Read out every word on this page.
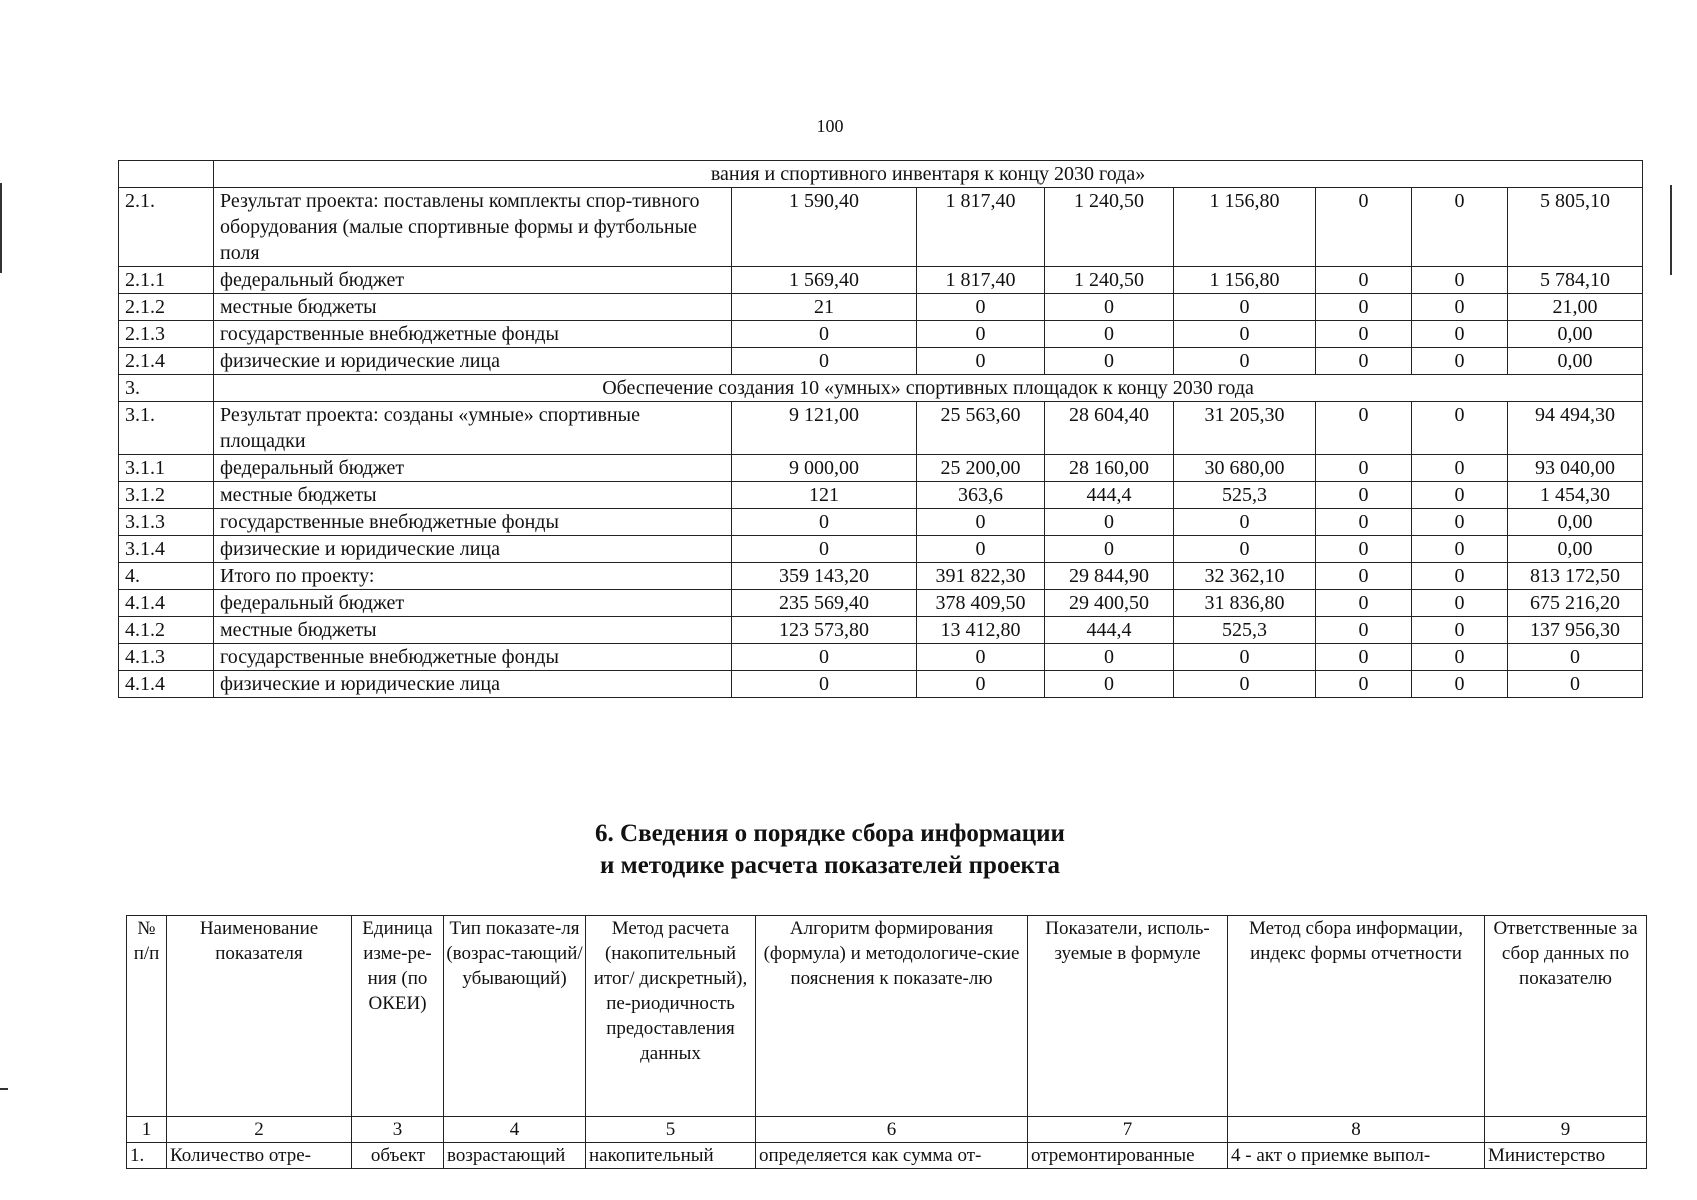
100
	вания и спортивного инвентаря к концу 2030 года»							
2.1.	Результат проекта: поставлены комплекты спор-тивного оборудования (малые спортивные формы и футбольные поля	1 590,40	1 817,40	1 240,50	1 156,80	0	0	5 805,10
2.1.1	федеральный бюджет	1 569,40	1 817,40	1 240,50	1 156,80	0	0	5 784,10
2.1.2	местные бюджеты	21	0	0	0	0	0	21,00
2.1.3	государственные внебюджетные фонды	0	0	0	0	0	0	0,00
2.1.4	физические и юридические лица	0	0	0	0	0	0	0,00
3.	Обеспечение создания 10 «умных» спортивных площадок к концу 2030 года							
3.1.	Результат проекта: созданы «умные» спортивные площадки	9 121,00	25 563,60	28 604,40	31 205,30	0	0	94 494,30
3.1.1	федеральный бюджет	9 000,00	25 200,00	28 160,00	30 680,00	0	0	93 040,00
3.1.2	местные бюджеты	121	363,6	444,4	525,3	0	0	1 454,30
3.1.3	государственные внебюджетные фонды	0	0	0	0	0	0	0,00
3.1.4	физические и юридические лица	0	0	0	0	0	0	0,00
4.	Итого по проекту:	359 143,20	391 822,30	29 844,90	32 362,10	0	0	813 172,50
4.1.4	федеральный бюджет	235 569,40	378 409,50	29 400,50	31 836,80	0	0	675 216,20
4.1.2	местные бюджеты	123 573,80	13 412,80	444,4	525,3	0	0	137 956,30
4.1.3	государственные внебюджетные фонды	0	0	0	0	0	0	0
4.1.4	физические и юридические лица	0	0	0	0	0	0	0
6. Сведения о порядке сбора информации
и методике расчета показателей проекта
№ п/п	Наименование показателя	Единица изме-ре-ния (по ОКЕИ)	Тип показате-ля (возрас-тающий/ убывающий)	Метод расчета (накопительный итог/ дискретный), пе-риодичность предоставления данных	Алгоритм формирования (формула) и методологиче-ские пояснения к показате-лю	Показатели, исполь-зуемые в формуле	Метод сбора информации, индекс формы отчетности	Ответственные за сбор данных по показателю
1	2	3	4	5	6	7	8	9
1.	Количество отре-	объект	возрастающий	накопительный	определяется как сумма от-	отремонтированные	4 - акт о приемке выпол-	Министерство
